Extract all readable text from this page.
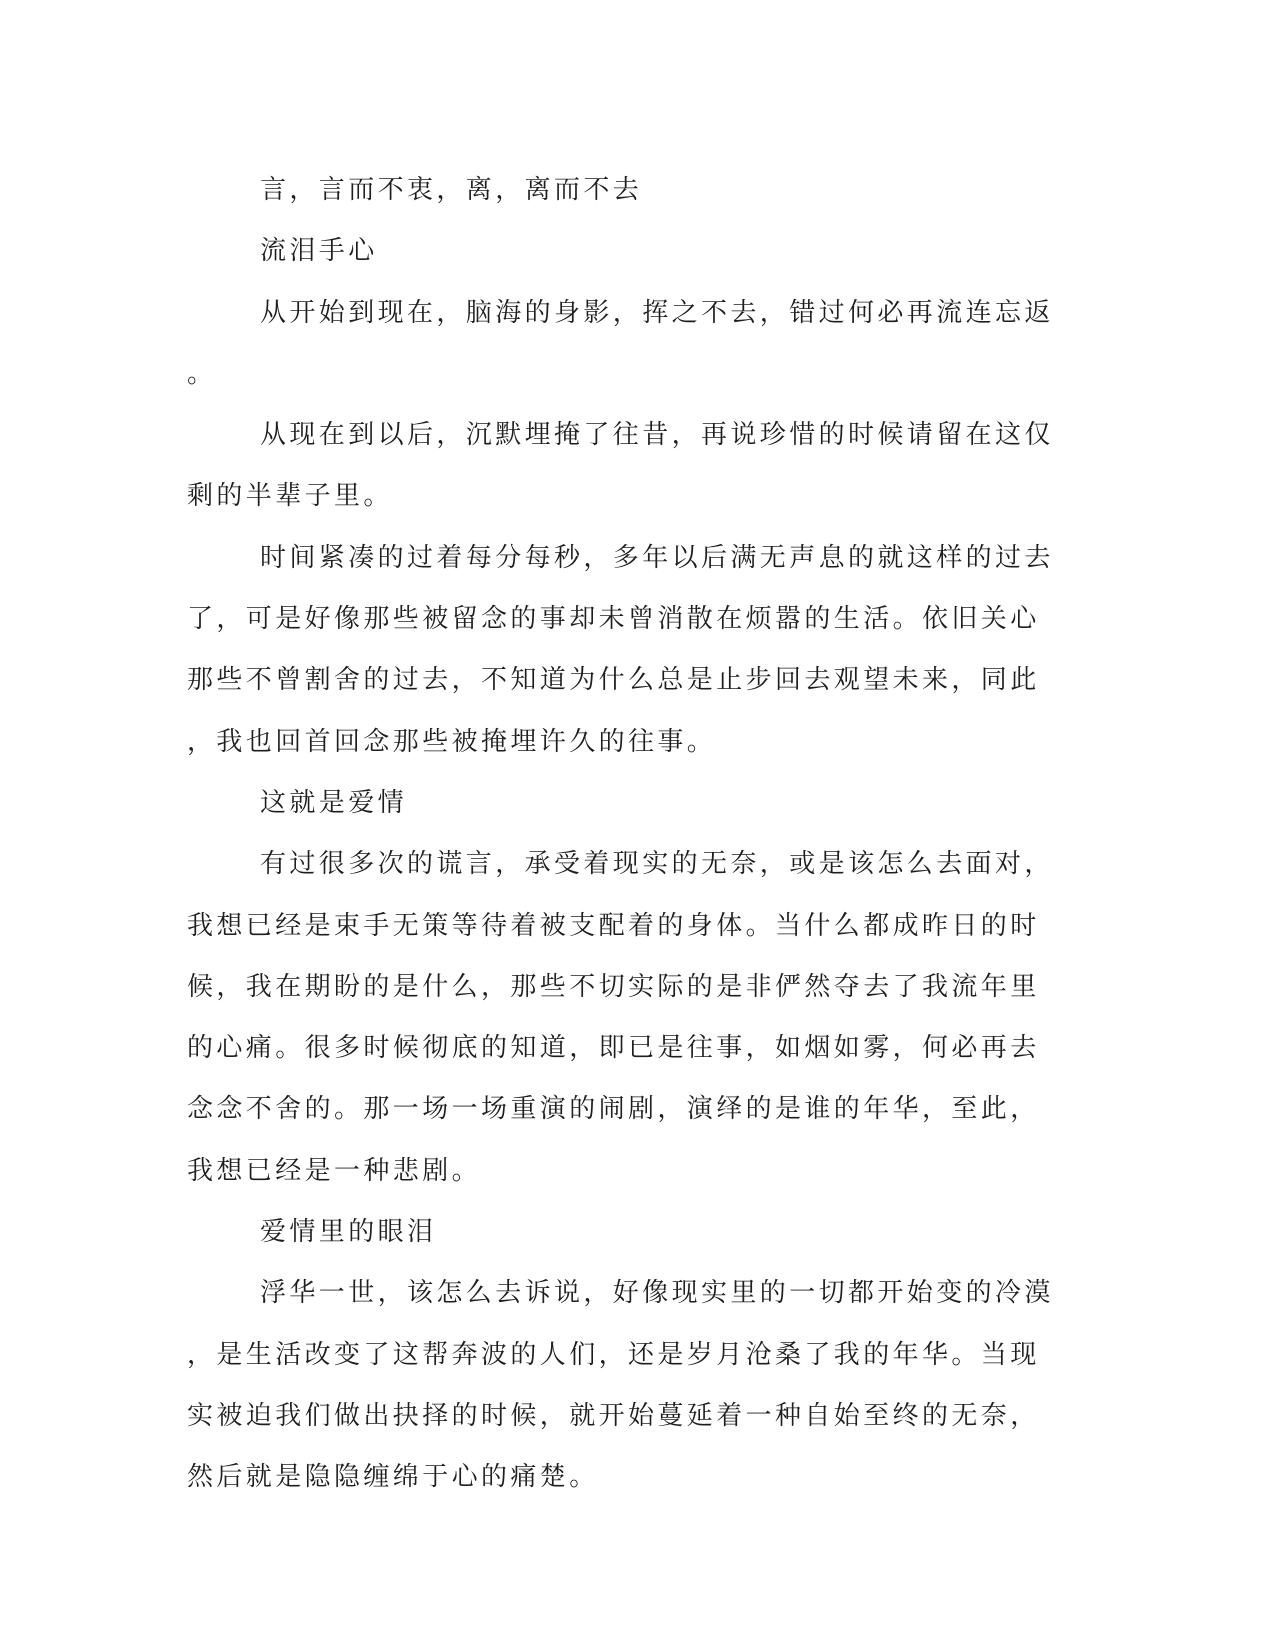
言，言而不衷，离，离而不去

流泪手心

从开始到现在，脑海的身影，挥之不去，错过何必再流连忘返。

从现在到以后，沉默埋掩了往昔，再说珍惜的时候请留在这仅剩的半辈子里。

时间紧凑的过着每分每秒，多年以后满无声息的就这样的过去了，可是好像那些被留念的事却未曾消散在烦嚣的生活。依旧关心那些不曾割舍的过去，不知道为什么总是止步回去观望未来，同此，我也回首回念那些被掩埋许久的往事。

这就是爱情

有过很多次的谎言，承受着现实的无奈，或是该怎么去面对，我想已经是束手无策等待着被支配着的身体。当什么都成昨日的时候，我在期盼的是什么，那些不切实际的是非俨然夺去了我流年里的心痛。很多时候彻底的知道，即已是往事，如烟如雾，何必再去念念不舍的。那一场一场重演的闹剧，演绎的是谁的年华，至此，我想已经是一种悲剧。

爱情里的眼泪

浮华一世，该怎么去诉说，好像现实里的一切都开始变的冷漠，是生活改变了这帮奔波的人们，还是岁月沧桑了我的年华。当现实被迫我们做出抉择的时候，就开始蔓延着一种自始至终的无奈，然后就是隐隐缠绵于心的痛楚。
